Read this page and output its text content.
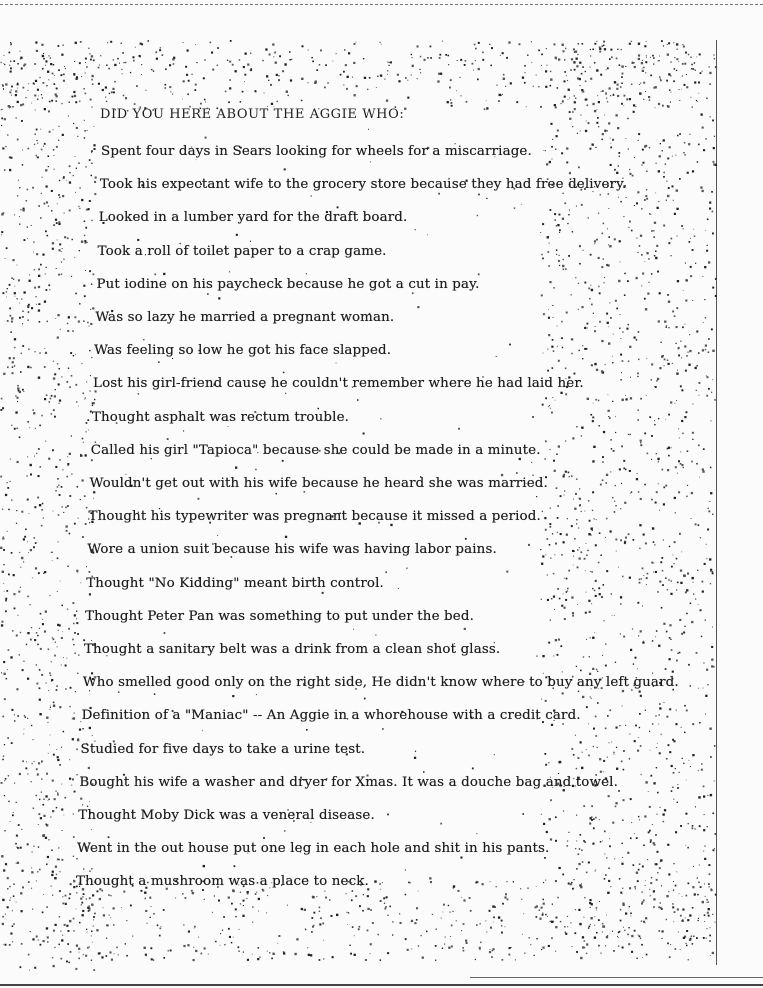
DID YOU HERE ABOUT THE AGGIE WHO:
Spent four days in Sears looking for wheels for a miscarriage.
Took his expectant wife to the grocery store because they had free delivery.
Looked in a lumber yard for the draft board.
Took a roll of toilet paper to a crap game.
Put iodine on his paycheck because he got a cut in pay.
Was so lazy he married a pregnant woman.
Was feeling so low he got his face slapped.
Lost his girl-friend cause he couldn't remember where he had laid her.
Thought asphalt was rectum trouble.
Called his girl "Tapioca" because she could be made in a minute.
Wouldn't get out with his wife because he heard she was married.
Thought his typewriter was pregnant because it missed a period.
Wore a union suit because his wife was having labor pains.
Thought "No Kidding" meant birth control.
Thought Peter Pan was something to put under the bed.
Thought a sanitary belt was a drink from a clean shot glass.
Who smelled good only on the right side, He didn't know where to buy any left guard.
Definition of a "Maniac" -- An Aggie in a whorehouse with a credit card.
Studied for five days to take a urine test.
Bought his wife a washer and dryer for Xmas. It was a douche bag and towel.
Thought Moby Dick was a veneral disease.
Went in the out house put one leg in each hole and shit in his pants.
Thought a mushroom was a place to neck.
